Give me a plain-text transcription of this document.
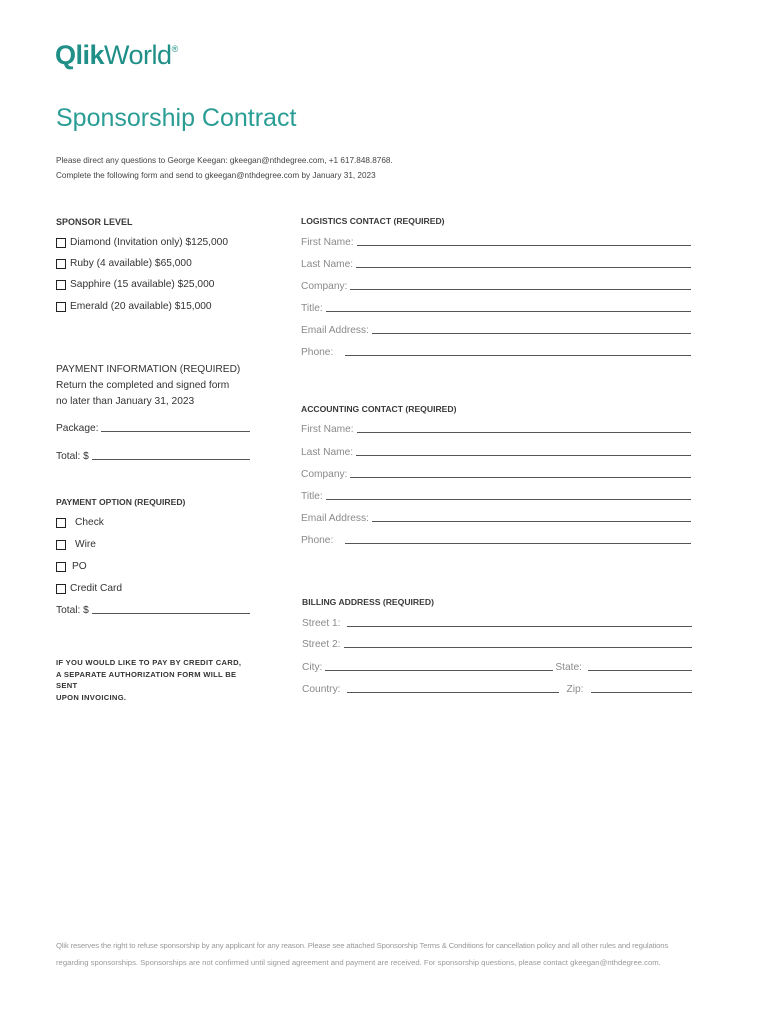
QlikWorld®
Sponsorship Contract
Please direct any questions to George Keegan: gkeegan@nthdegree.com, +1 617.848.8768.
Complete the following form and send to gkeegan@nthdegree.com by January 31, 2023
SPONSOR LEVEL
Diamond (Invitation only) $125,000
Ruby (4 available) $65,000
Sapphire (15 available) $25,000
Emerald (20 available) $15,000
PAYMENT INFORMATION (REQUIRED)
Return the completed and signed form
no later than January 31, 2023
Package:
Total: $
PAYMENT OPTION (REQUIRED)
Check
Wire
PO
Credit Card
Total: $
IF YOU WOULD LIKE TO PAY BY CREDIT CARD,
A SEPARATE AUTHORIZATION FORM WILL BE SENT
UPON INVOICING.
LOGISTICS CONTACT (REQUIRED)
First Name:
Last Name:
Company:
Title:
Email Address:
Phone:
ACCOUNTING CONTACT (REQUIRED)
First Name:
Last Name:
Company:
Title:
Email Address:
Phone:
BILLING ADDRESS (REQUIRED)
Street 1:
Street 2:
City:	State:
Country:	Zip:
Qlik reserves the right to refuse sponsorship by any applicant for any reason. Please see attached Sponsorship Terms & Conditions for cancellation policy and all other rules and regulations
regarding sponsorships. Sponsorships are not confirmed until signed agreement and payment are received. For sponsorship questions, please contact gkeegan@nthdegree.com.
